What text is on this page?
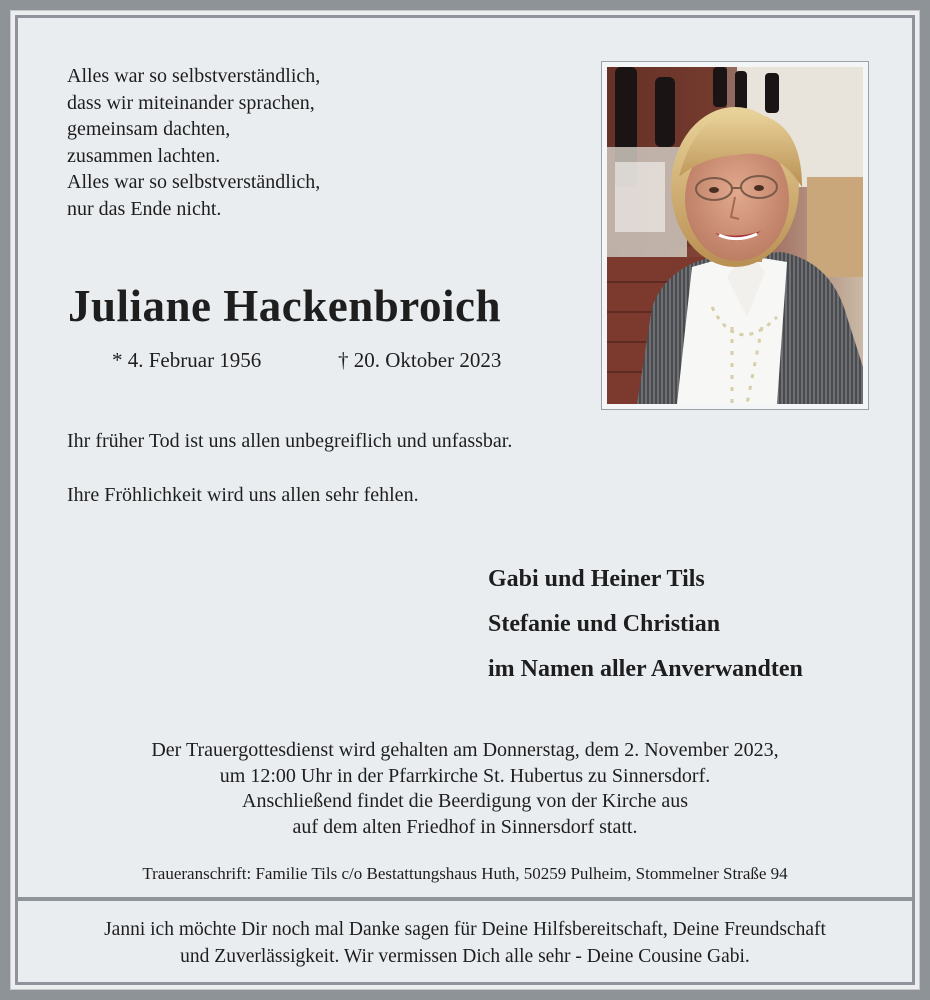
Alles war so selbstverständlich,
dass wir miteinander sprachen,
gemeinsam dachten,
zusammen lachten.
Alles war so selbstverständlich,
nur das Ende nicht.
Juliane Hackenbroich
* 4. Februar 1956	† 20. Oktober 2023
Ihr früher Tod ist uns allen unbegreiflich und unfassbar.
Ihre Fröhlichkeit wird uns allen sehr fehlen.
Gabi und Heiner Tils
Stefanie und Christian
im Namen aller Anverwandten
Der Trauergottesdienst wird gehalten am Donnerstag, dem 2. November 2023,
um 12:00 Uhr in der Pfarrkirche St. Hubertus zu Sinnersdorf.
Anschließend findet die Beerdigung von der Kirche aus
auf dem alten Friedhof in Sinnersdorf statt.
Traueranschrift: Familie Tils c/o Bestattungshaus Huth, 50259 Pulheim, Stommelner Straße 94
Janni ich möchte Dir noch mal Danke sagen für Deine Hilfsbereitschaft, Deine Freundschaft
und Zuverlässigkeit. Wir vermissen Dich alle sehr - Deine Cousine Gabi.
